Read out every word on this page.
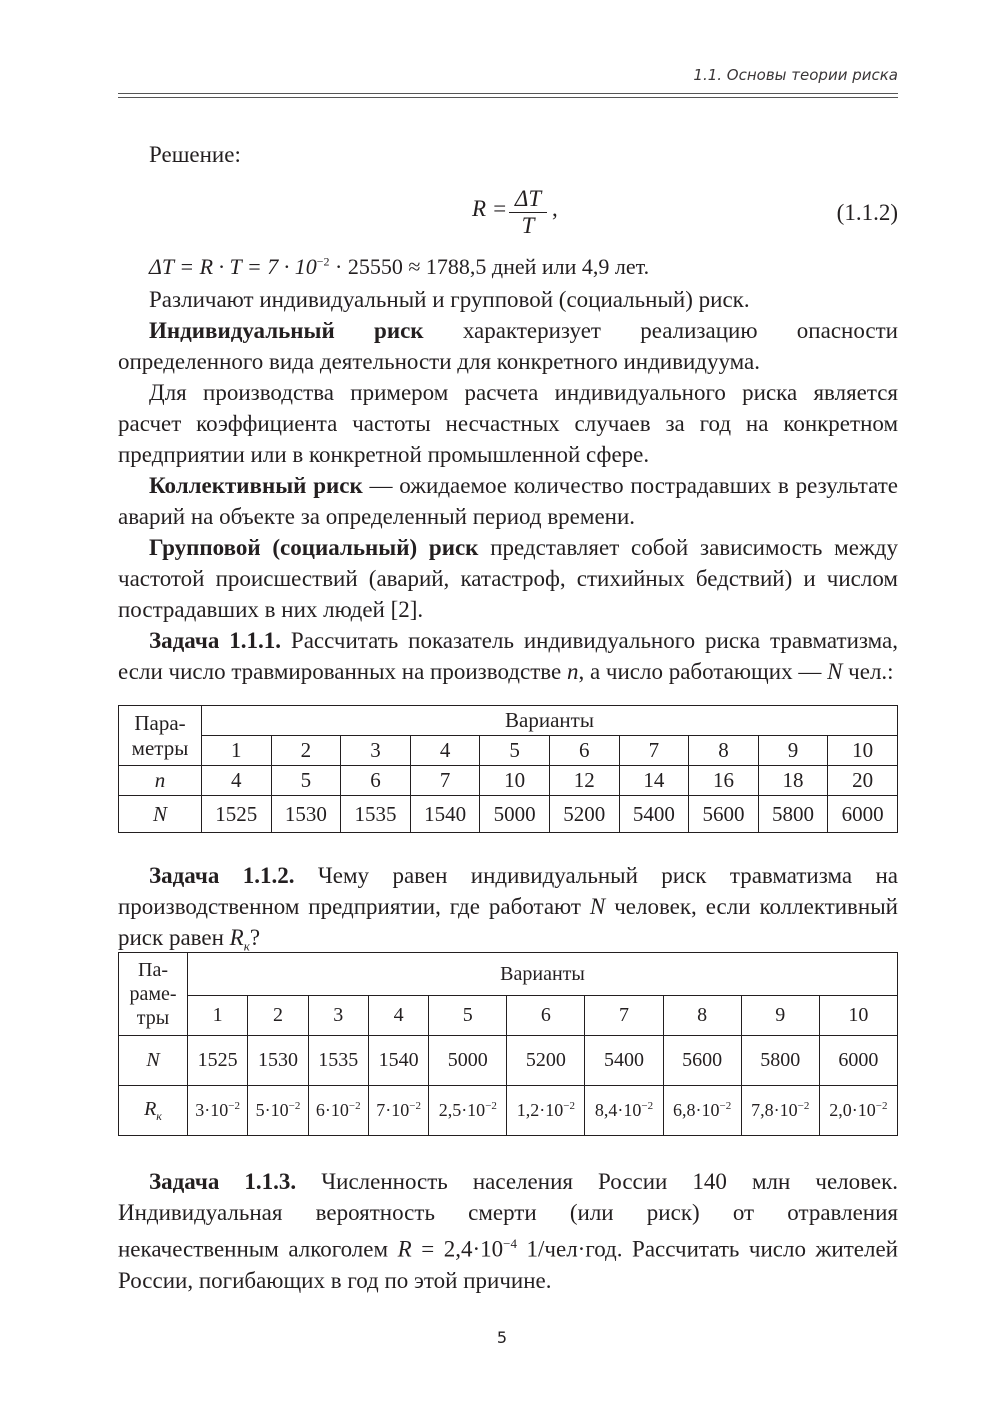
1.1. Основы теории риска
Решение:
R = ΔT
T
,	(1.1.2)
$\Delta T = R \cdot T = 7 \cdot 10^{-2} \cdot 25550 \approx 1788,5$ дней или 4,9 лет.

Различают индивидуальный и групповой (социальный) риск.

Индивидуальный риск характеризует реализацию опасности определенного вида деятельности для конкретного индивидуума.

Для производства примером расчета индивидуального риска является расчет коэффициента частоты несчастных случаев за год на конкретном предприятии или в конкретной промышленной сфере.

Коллективный риск — ожидаемое количество пострадавших в результате аварий на объекте за определенный период времени.

Групповой (социальный) риск представляет собой зависимость между частотой происшествий (аварий, катастроф, стихийных бедствий) и числом пострадавших в них людей [2].

Задача 1.1.1. Рассчитать показатель индивидуального риска травматизма, если число травмированных на производстве n, а число работающих — N чел.:

Пара-
метры	Варианты									
	1	2	3	4	5	6	7	8	9	10
n	4	5	6	7	10	12	14	16	18	20
N	1525	1530	1535	1540	5000	5200	5400	5600	5800	6000

Задача 1.1.2. Чему равен индивидуальный риск травматизма на производственном предприятии, где работают N человек, если коллективный риск равен $R_к$?

Па-
раме-
тры	Варианты									
	1	2	3	4	5	6	7	8	9	10
N	1525	1530	1535	1540	5000	5200	5400	5600	5800	6000
$R_к$	$3\cdot 10^{-2}$	$5\cdot 10^{-2}$	$6\cdot 10^{-2}$	$7\cdot 10^{-2}$	$2,5\cdot 10^{-2}$	$1,2\cdot 10^{-2}$	$8,4\cdot 10^{-2}$	$6,8\cdot 10^{-2}$	$7,8\cdot 10^{-2}$	$2,0\cdot 10^{-2}$

Задача 1.1.3. Численность населения России 140 млн человек. Индивидуальная вероятность смерти (или риск) от отравления некачественным алкоголем $R = 2,4\cdot 10^{-4}$ 1/чел·год. Рассчитать число жителей России, погибающих в год по этой причине.

5
